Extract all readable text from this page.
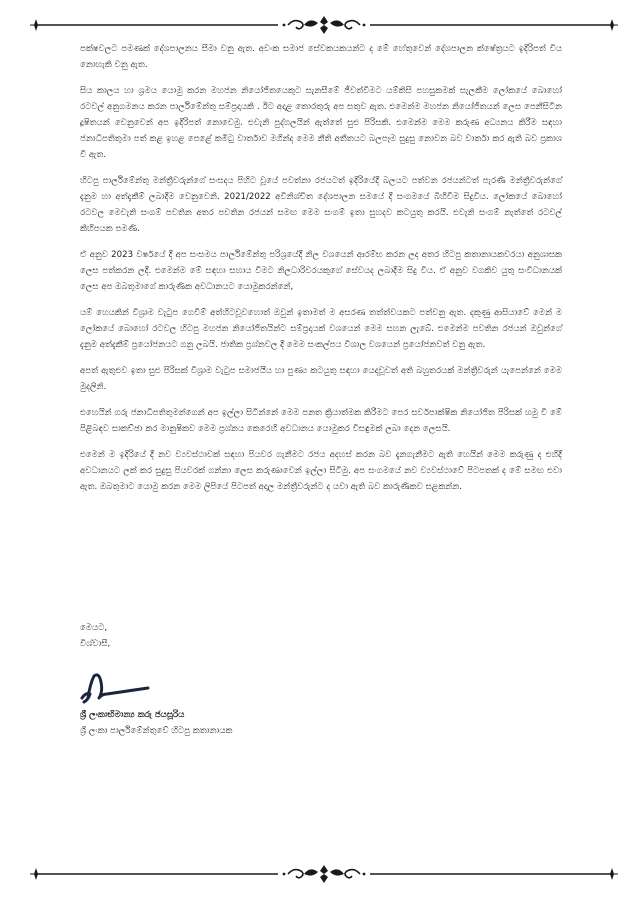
පක්ෂවලට පමණක් දේශපාලනය සීමා වනු ඇත. අවංක සමාජ සේවකයකයන්ට ද මේ හේතුවෙන් දේශපාලන ක්ෂේත්‍රයට ඉදිරිපත් විය නොහැකි වනු ඇත.

සිය කාලය හා ශ්‍රමය යොමු කරන මහජන නියෝජිතයෙකුට සැනසීමේ ජීවත්වීමට යම්කිසි පහසුකමක් සැලකීම ලෝකයේ බොහෝ රටවල් අනුගමනය කරන පාර්ලිමේන්තු සම්ප්‍රදායකි . ඊට අදාළ තොරතුරු අප සතුව ඇත. එමෙන්ම මහජන නියෝජිතයන් ලෙස පෙනීසිටින දූෂිතයන් වෙනුවෙන් අප ඉදිරිපත් නොවෙමු. එවැනි පුද්ගලයින් ඇත්තේ සුළු පිරිසකි. එමෙන්ම මෙම කරුණ අධ්‍යනය කිරීම සඳහා ජනාධිපතිතුමා පත් කළ ඉහළ පෙළේ කමිටු වාර්තාව මගින්ද මෙම නීති අතීතයට බලපෑම සුදුසු නොවන බව වාර්තා කර ඇති බව ප්‍රකාශ වී ඇත.

හිටපු පාර්ලිමේන්තු මන්ත්‍රීවරුන්ගේ සංසදය පිහිට වූයේ පවත්නා රජයටත් ඉදිරියේදී බලයට පත්වන රජයන්ටත් පැරණි මන්ත්‍රීවරුන්ගේ දැනුම හා අත්දැකීම් ලබාදීම වෙනුවෙනි. 2021/2022 අවිනිශ්චිත දේශපාලන සමයේ දී සංගමයේ බිහිවීම සිදුවිය. ලෝකයේ බොහෝ රටවල මෙවැනි සංගම් පවතින අතර පවතින රජයන් සමඟ මෙම සංගම් ඉතා සුහදව කටයුතු කරයි. එවැනි සංගම් නැත්තේ රටවල් කිහිපයක පමණි.

ඒ අනුව 2023 වර්ෂයේ දී අප සංසමය පාර්ලිමේන්තු පරිශ්‍රයේදී නිල වශයෙන් ආරම්භ කරන ලද අතර හිටපු කතානායකවරයා අනුශාසක ලෙස පත්කරන ලදී. එමෙන්ම මේ සඳහා සහාය වීමට නිලධාරිවරයකුගේ සේවයද ලබාදීම සිදු විය. ඒ අනුව වගකිව යුතු සංවිධානයක් ලෙස අප ඔබතුමාගේ කාරුණික අවධානයට යොමුකරන්නේ,

යම් හෙයකින් විශ්‍රාම වැටුප ගෙවීම් අත්හිටවූවහොත් ඔවුන් ඉතාමත් ම අසරණ තත්ත්වයකට පත්වනු ඇත. දකුණු ආසියාවේ මෙන් ම ලෝකයේ බොහෝ රටවල හිටපු මහජන නියෝජිතයින්ට සම්ප්‍රදායක් වශයෙන් මෙම සහන ලැබේ. එමෙන්ම පවතින රජයන් ඔවුන්ගේ දැනුම අත්දැකීම් ප්‍රයෝජනයට ගනු ලබයි. ජාතික ප්‍රශ්නවල දී මෙම සංකල්පය විශාල වශයෙන් ප්‍රයෝජනවත් වනු ඇත.

අපත් ඇතුළුව ඉතා සුළු පිරිසක් විශ්‍රාම වැටුප සමාජයීය හා පුණ්‍ය කටයුතු සඳහා යෙදවූවත් අති බහුතරයක් මන්ත්‍රීවරුන් යැපෙන්නේ මෙම මුදලිනි.

එහෙයින් ගරු ජනාධිපතිතුමන්ගෙන් අප ඉල්ලා සිටින්නේ මෙම පනත ක්‍රියාත්මක කිරීමට පෙර සර්වපාක්ෂික නියෝජිත පිරිසක් හමු වී මේ පිළිබඳව සාකච්ඡා කර මානුෂිකව මෙම ප්‍රශ්නය කෙරෙහි අවධානය යොමුකර විසඳුමක් ලබා දෙන ලෙසයි.

එමෙන් ම ඉදිරියේ දී නව ව්‍යවස්ථාවක් සඳහා පියවර ගැනීමට රජය අදහස් කරන බව දැනගැනීමට ඇති හෙයින් මෙම කරුණු ද එහිදී අවධානයට ලක් කර සුදුසු පියවරක් ගන්නා ලෙස කරුණාවෙන් ඉල්ලා සිටිමු. අප සංගමයේ නව ව්‍යවස්ථාවේ පිටපතක් ද මේ සමඟ එවා ඇත. ඔබතුමාට යොමු කරන මෙම ලිපියේ පිටපත් අදාල මන්ත්‍රීවරුන්ට ද යවා ඇති බව කාරුණිකව සළකන්න.

මෙයට,
විශ්වාසී,
ශ්‍රී ලංකාභිමාන්‍ය කරු ජයසූරිය
ශ්‍රී ලංකා පාර්ලිමේන්තුවේ හිටපු කතානායක
